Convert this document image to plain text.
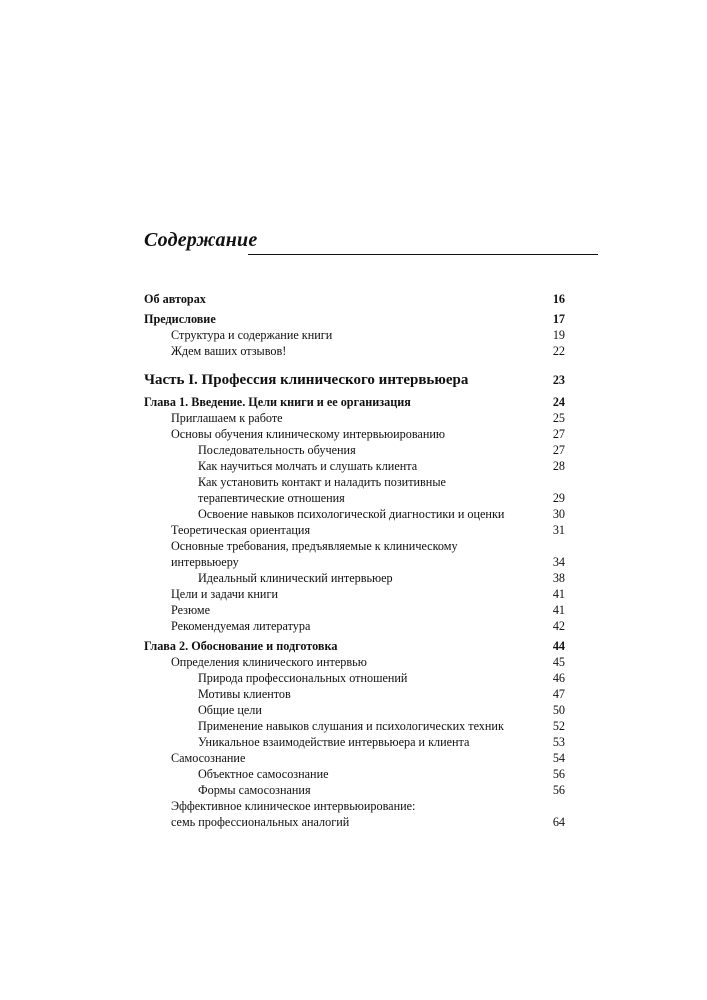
Содержание
Об авторах	16
Предисловие	17
Структура и содержание книги	19
Ждем ваших отзывов!	22
Часть I. Профессия клинического интервьюера	23
Глава 1. Введение. Цели книги и ее организация	24
Приглашаем к работе	25
Основы обучения клиническому интервьюированию	27
Последовательность обучения	27
Как научиться молчать и слушать клиента	28
Как установить контакт и наладить позитивные
терапевтические отношения	29
Освоение навыков психологической диагностики и оценки	30
Теоретическая ориентация	31
Основные требования, предъявляемые к клиническому
интервьюеру	34
Идеальный клинический интервьюер	38
Цели и задачи книги	41
Резюме	41
Рекомендуемая литература	42
Глава 2. Обоснование и подготовка	44
Определения клинического интервью	45
Природа профессиональных отношений	46
Мотивы клиентов	47
Общие цели	50
Применение навыков слушания и психологических техник	52
Уникальное взаимодействие интервьюера и клиента	53
Самосознание	54
Объектное самосознание	56
Формы самосознания	56
Эффективное клиническое интервьюирование:
семь профессиональных аналогий	64
